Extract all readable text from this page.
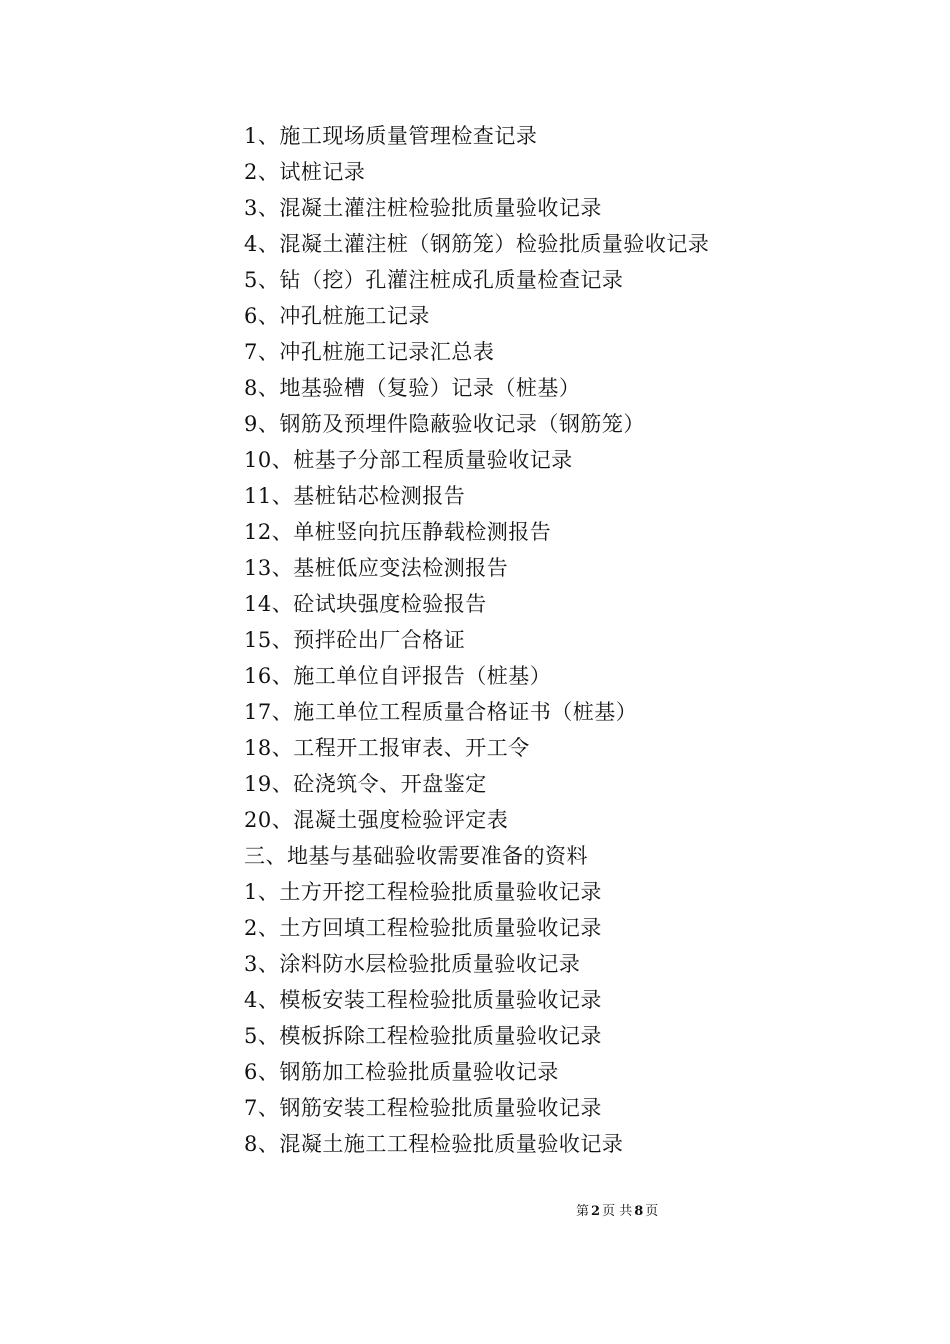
1、施工现场质量管理检查记录
2、试桩记录
3、混凝土灌注桩检验批质量验收记录
4、混凝土灌注桩（钢筋笼）检验批质量验收记录
5、钻（挖）孔灌注桩成孔质量检查记录
6、冲孔桩施工记录
7、冲孔桩施工记录汇总表
8、地基验槽（复验）记录（桩基）
9、钢筋及预埋件隐蔽验收记录（钢筋笼）
10、桩基子分部工程质量验收记录
11、基桩钻芯检测报告
12、单桩竖向抗压静载检测报告
13、基桩低应变法检测报告
14、砼试块强度检验报告
15、预拌砼出厂合格证
16、施工单位自评报告（桩基）
17、施工单位工程质量合格证书（桩基）
18、工程开工报审表、开工令
19、砼浇筑令、开盘鉴定
20、混凝土强度检验评定表
三、地基与基础验收需要准备的资料
1、土方开挖工程检验批质量验收记录
2、土方回填工程检验批质量验收记录
3、涂料防水层检验批质量验收记录
4、模板安装工程检验批质量验收记录
5、模板拆除工程检验批质量验收记录
6、钢筋加工检验批质量验收记录
7、钢筋安装工程检验批质量验收记录
8、混凝土施工工程检验批质量验收记录
第 2 页 共 8 页
